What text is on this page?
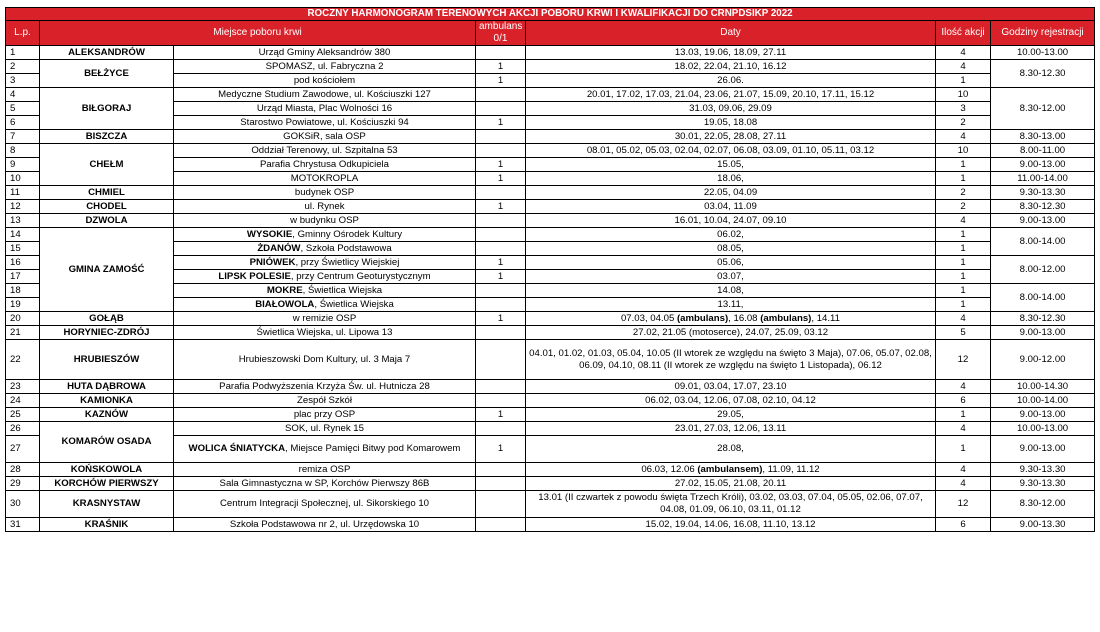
ROCZNY HARMONOGRAM TERENOWYCH AKCJI POBORU KRWI I KWALIFIKACJI DO CRNPDSIKP 2022						
L.p.	Miejsce poboru krwi		ambulans 0/1	Daty	Ilość akcji	Godziny rejestracji
1	ALEKSANDRÓW	Urząd Gminy Aleksandrów 380		13.03, 19.06, 18.09, 27.11	4	10.00-13.00
2	BEŁŻYCE	SPOMASZ, ul. Fabryczna 2	1	18.02, 22.04, 21.10, 16.12	4	8.30-12.30
3		pod kościołem	1	26.06.	1	
4	BIŁGORAJ	Medyczne Studium Zawodowe, ul. Kościuszki 127		20.01, 17.02, 17.03, 21.04, 23.06, 21.07, 15.09, 20.10, 17.11, 15.12	10	8.30-12.00
5		Urząd Miasta, Plac Wolności 16		31.03, 09.06, 29.09	3	
6		Starostwo Powiatowe, ul. Kościuszki 94	1	19.05, 18.08	2	
7	BISZCZA	GOKSiR, sala OSP		30.01, 22.05, 28.08, 27.11	4	8.30-13.00
8	CHEŁM	Oddział Terenowy, ul. Szpitalna 53		08.01, 05.02, 05.03, 02.04, 02.07, 06.08, 03.09, 01.10, 05.11, 03.12	10	8.00-11.00
9		Parafia Chrystusa Odkupiciela	1	15.05,	1	9.00-13.00
10		MOTOKROPLA	1	18.06,	1	11.00-14.00
11	CHMIEL	budynek OSP		22.05, 04.09	2	9.30-13.30
12	CHODEL	ul. Rynek	1	03.04, 11.09	2	8.30-12.30
13	DZWOLA	w budynku OSP		16.01, 10.04, 24.07, 09.10	4	9.00-13.00
14	GMINA ZAMOŚĆ	WYSOKIE, Gminny Ośrodek Kultury		06.02,	1	8.00-14.00
15		ŻDANÓW, Szkoła Podstawowa		08.05,	1	
16		PNIÓWEK, przy Świetlicy Wiejskiej	1	05.06,	1	8.00-12.00
17		LIPSK POLESIE, przy Centrum Geoturystycznym	1	03.07,	1	
18		MOKRE, Świetlica Wiejska		14.08,	1	8.00-14.00
19		BIAŁOWOLA, Świetlica Wiejska		13.11,	1	
20	GOŁĄB	w remizie OSP	1	07.03, 04.05 (ambulans), 16.08 (ambulans), 14.11	4	8.30-12.30
21	HORYNIEC-ZDRÓJ	Świetlica Wiejska, ul. Lipowa 13		27.02, 21.05 (motoserce), 24.07, 25.09, 03.12	5	9.00-13.00
22	HRUBIESZÓW	Hrubieszowski Dom Kultury, ul. 3 Maja 7		04.01, 01.02, 01.03, 05.04, 10.05 (II wtorek ze względu na święto 3 Maja), 07.06, 05.07, 02.08, 06.09, 04.10, 08.11 (II wtorek ze względu na święto 1 Listopada), 06.12	12	9.00-12.00
23	HUTA DĄBROWA	Parafia Podwyższenia Krzyża Św. ul. Hutnicza 28		09.01, 03.04, 17.07, 23.10	4	10.00-14.30
24	KAMIONKA	Zespół Szkół		06.02, 03.04, 12.06, 07.08, 02.10, 04.12	6	10.00-14.00
25	KAZNÓW	plac przy OSP	1	29.05,	1	9.00-13.00
26	KOMARÓW OSADA	SOK, ul. Rynek 15		23.01, 27.03, 12.06, 13.11	4	10.00-13.00
27		WOLICA ŚNIATYCKA, Miejsce Pamięci Bitwy pod Komarowem	1	28.08,	1	9.00-13.00
28	KOŃSKOWOLA	remiza OSP		06.03, 12.06 (ambulansem), 11.09, 11.12	4	9.30-13.30
29	KORCHÓW PIERWSZY	Sala Gimnastyczna w SP, Korchów Pierwszy 86B		27.02, 15.05, 21.08, 20.11	4	9.30-13.30
30	KRASNYSTAW	Centrum Integracji Społecznej, ul. Sikorskiego 10		13.01 (II czwartek z powodu święta Trzech Króli), 03.02, 03.03, 07.04, 05.05, 02.06, 07.07, 04.08, 01.09, 06.10, 03.11, 01.12	12	8.30-12.00
31	KRAŚNIK	Szkoła Podstawowa nr 2, ul. Urzędowska 10		15.02, 19.04, 14.06, 16.08, 11.10, 13.12	6	9.00-13.30
